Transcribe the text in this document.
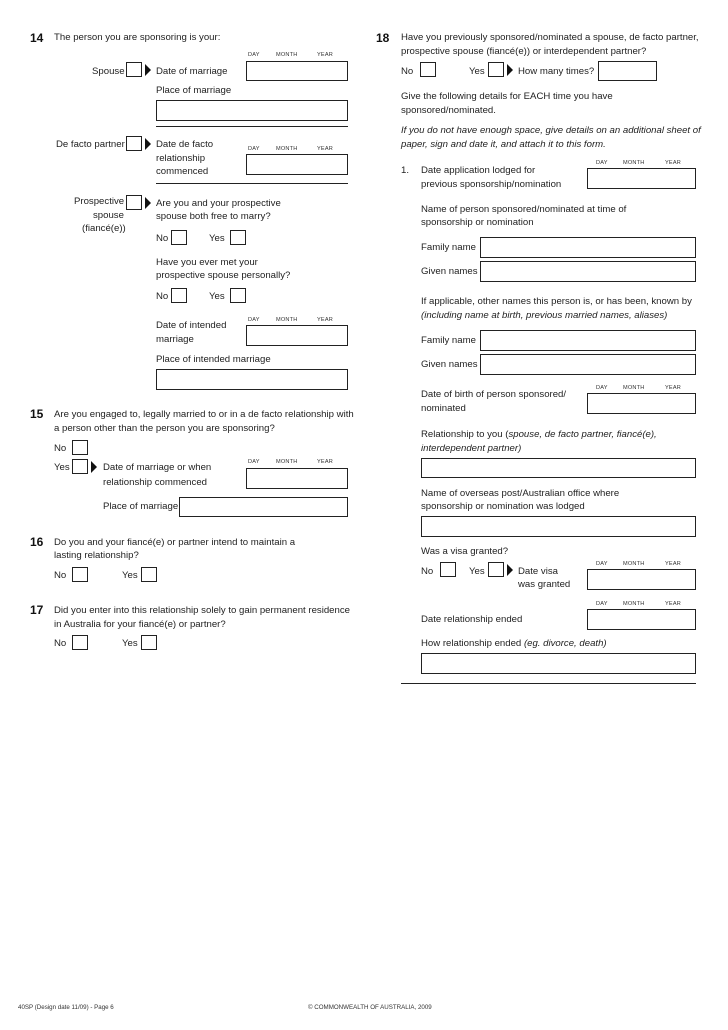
14 The person you are sponsoring is your:
DAY	MONTH	YEAR
Spouse	Date of marriage
Place of marriage
De facto partner	Date de facto
relationship
commenced
DAY	MONTH	YEAR
Prospective
spouse
(fiancé(e))
Are you and your prospective
spouse both free to marry?
No	Yes
Have you ever met your
prospective spouse personally?
No	Yes
DAY	MONTH	YEAR
Date of intended
marriage
Place of intended marriage
15 Are you engaged to, legally married to or in a de facto relationship with
a person other than the person you are sponsoring?
No
Yes	Date of marriage or when
relationship commenced
DAY	MONTH	YEAR
Place of marriage
16 Do you and your fiancé(e) or partner intend to maintain a
lasting relationship?
No	Yes
17 Did you enter into this relationship solely to gain permanent residence
in Australia for your fiancé(e) or partner?
No	Yes
18 Have you previously sponsored/nominated a spouse, de facto partner,
prospective spouse (fiancé(e)) or interdependent partner?
No	Yes	How many times?
Give the following details for EACH time you have
sponsored/nominated.
If you do not have enough space, give details on an additional sheet of
paper, sign and date it, and attach it to this form.
1. Date application lodged for
previous sponsorship/nomination
DAY	MONTH	YEAR
Name of person sponsored/nominated at time of
sponsorship or nomination
Family name
Given names
If applicable, other names this person is, or has been, known by
(including name at birth, previous married names, aliases)
Family name
Given names
DAY	MONTH	YEAR
Date of birth of person sponsored/
nominated
Relationship to you (spouse, de facto partner, fiancé(e),
interdependent partner)
Name of overseas post/Australian office where
sponsorship or nomination was lodged
Was a visa granted?
No	Yes	Date visa
was granted
DAY	MONTH	YEAR
DAY	MONTH	YEAR
Date relationship ended
How relationship ended (eg. divorce, death)
40SP (Design date 11/09) - Page 6	© COMMONWEALTH OF AUSTRALIA, 2009
